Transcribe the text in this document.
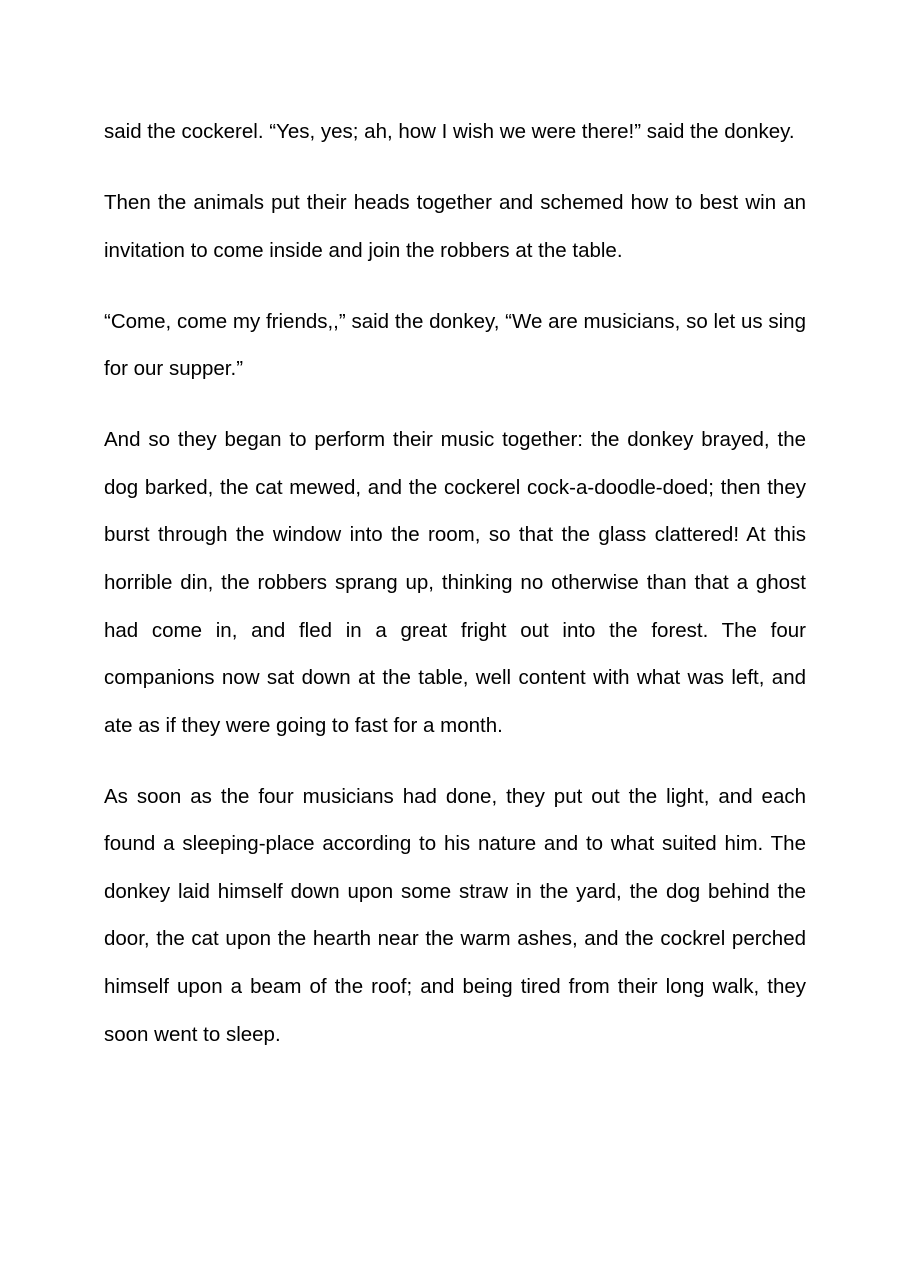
said the cockerel. “Yes, yes; ah, how I wish we were there!” said the donkey.

Then the animals put their heads together and schemed how to best win an invitation to come inside and join the robbers at the table.

“Come, come my friends,,” said the donkey, “We are musicians, so let us sing for our supper.”

And so they began to perform their music together: the donkey brayed, the dog barked, the cat mewed, and the cockerel cock-a-doodle-doed; then they burst through the window into the room, so that the glass clattered! At this horrible din, the robbers sprang up, thinking no otherwise than that a ghost had come in, and fled in a great fright out into the forest. The four companions now sat down at the table, well content with what was left, and ate as if they were going to fast for a month.

As soon as the four musicians had done, they put out the light, and each found a sleeping-place according to his nature and to what suited him. The donkey laid himself down upon some straw in the yard, the dog behind the door, the cat upon the hearth near the warm ashes, and the cockrel perched himself upon a beam of the roof; and being tired from their long walk, they soon went to sleep.
